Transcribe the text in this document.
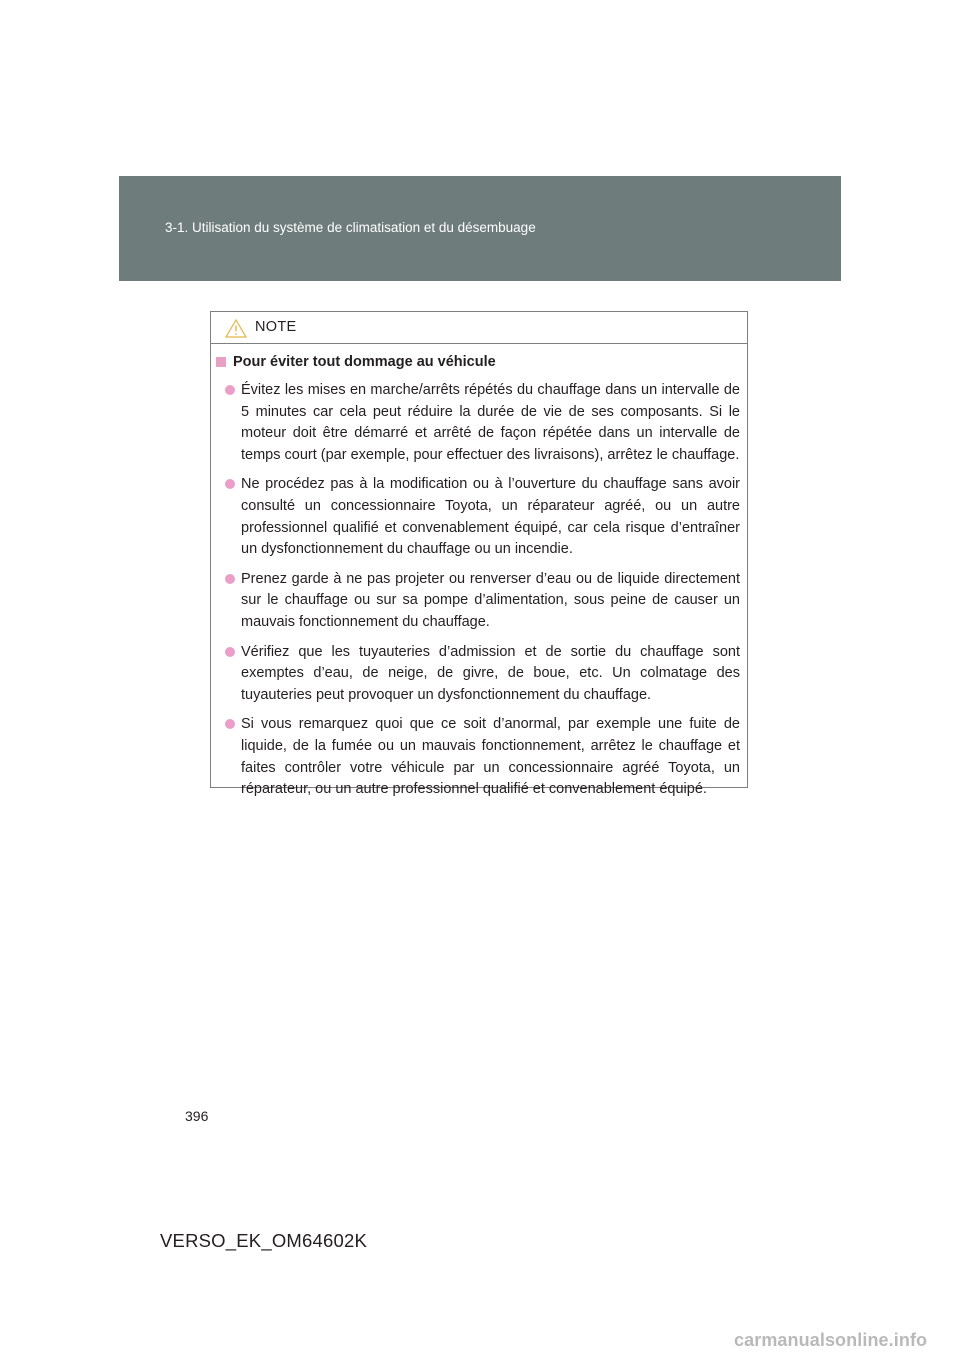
3-1. Utilisation du système de climatisation et du désembuage
NOTE
Pour éviter tout dommage au véhicule
Évitez les mises en marche/arrêts répétés du chauffage dans un intervalle de 5 minutes car cela peut réduire la durée de vie de ses composants. Si le moteur doit être démarré et arrêté de façon répétée dans un intervalle de temps court (par exemple, pour effectuer des livraisons), arrêtez le chauffage.
Ne procédez pas à la modification ou à l’ouverture du chauffage sans avoir consulté un concessionnaire Toyota, un réparateur agréé, ou un autre professionnel qualifié et convenablement équipé, car cela risque d’entraîner un dysfonctionnement du chauffage ou un incendie.
Prenez garde à ne pas projeter ou renverser d’eau ou de liquide directement sur le chauffage ou sur sa pompe d’alimentation, sous peine de causer un mauvais fonctionnement du chauffage.
Vérifiez que les tuyauteries d’admission et de sortie du chauffage sont exemptes d’eau, de neige, de givre, de boue, etc. Un colmatage des tuyauteries peut provoquer un dysfonctionnement du chauffage.
Si vous remarquez quoi que ce soit d’anormal, par exemple une fuite de liquide, de la fumée ou un mauvais fonctionnement, arrêtez le chauffage et faites contrôler votre véhicule par un concessionnaire agréé Toyota, un réparateur, ou un autre professionnel qualifié et convenablement équipé.
396
VERSO_EK_OM64602K
carmanualsonline.info
